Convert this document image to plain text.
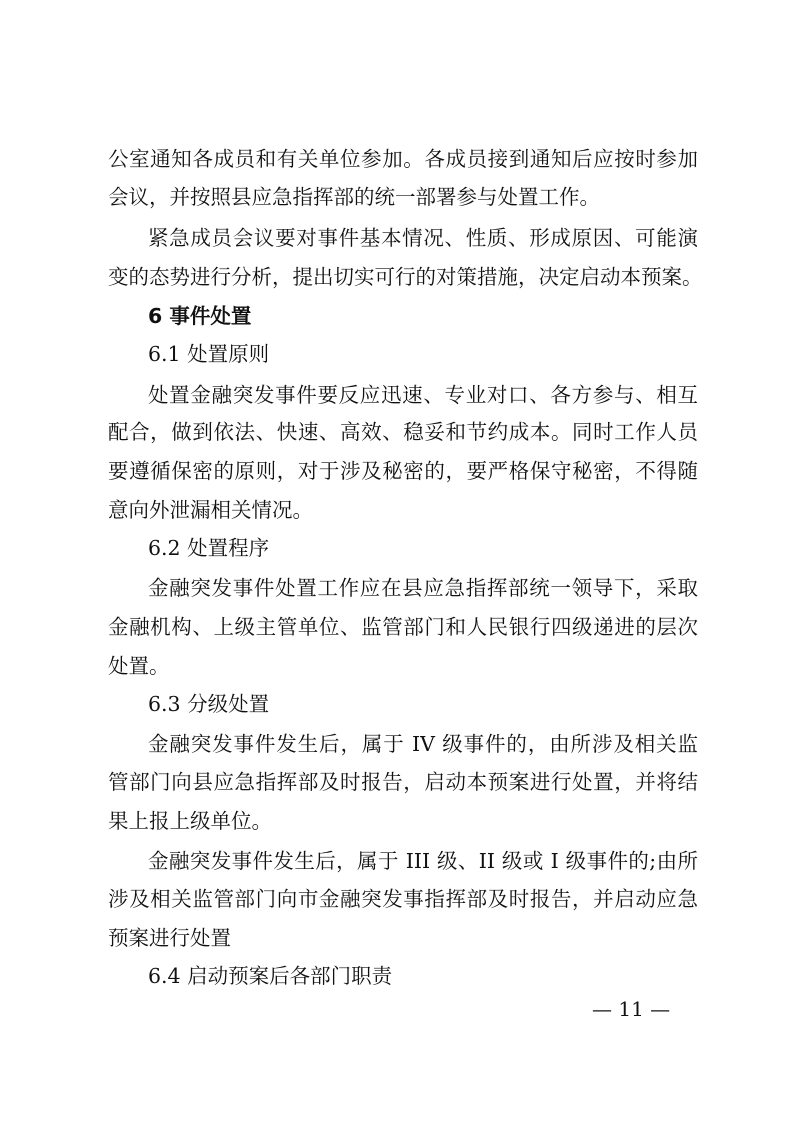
公室通知各成员和有关单位参加。各成员接到通知后应按时参加
会议，并按照县应急指挥部的统一部署参与处置工作。
紧急成员会议要对事件基本情况、性质、形成原因、可能演
变的态势进行分析，提出切实可行的对策措施，决定启动本预案。
6 事件处置
6.1 处置原则
处置金融突发事件要反应迅速、专业对口、各方参与、相互
配合，做到依法、快速、高效、稳妥和节约成本。同时工作人员
要遵循保密的原则，对于涉及秘密的，要严格保守秘密，不得随
意向外泄漏相关情况。
6.2 处置程序
金融突发事件处置工作应在县应急指挥部统一领导下，采取
金融机构、上级主管单位、监管部门和人民银行四级递进的层次
处置。
6.3 分级处置
金融突发事件发生后，属于 IV 级事件的，由所涉及相关监
管部门向县应急指挥部及时报告，启动本预案进行处置，并将结
果上报上级单位。
金融突发事件发生后，属于 III 级、II 级或 I 级事件的;由所
涉及相关监管部门向市金融突发事指挥部及时报告，并启动应急
预案进行处置
6.4 启动预案后各部门职责
— 11 —
